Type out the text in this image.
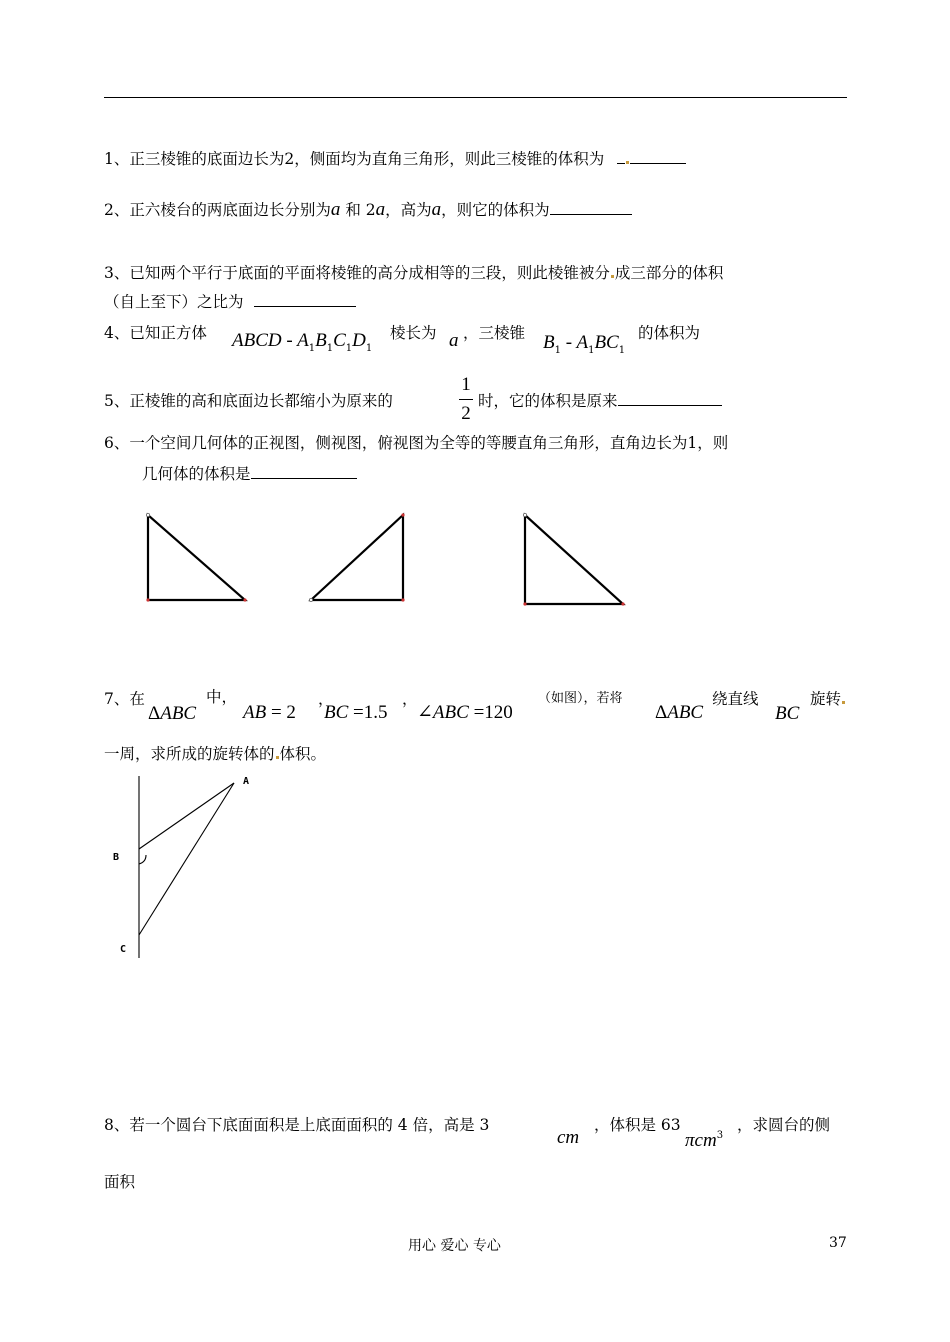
1、正三棱锥的底面边长为2，侧面均为直角三角形，则此三棱锥的体积为
2、正六棱台的两底面边长分别为a 和 2a，高为a，则它的体积为
3、已知两个平行于底面的平面将棱锥的高分成相等的三段，则此棱锥被分 成三部分的体积
（自上至下）之比为
4、已知正方体 ABCD - $A_1B_1C_1D_1$
棱长为 a ，三棱锥 $B_1 - A_1BC_1$
的体积为
5、正棱锥的高和底面边长都缩小为原来的
1
2
时，它的体积是原来
6、一个空间几何体的正视图，侧视图，俯视图为全等的等腰直角三角形，直角边长为1，则
几何体的体积是
7、在
ΔABC
中，
AB = 2
，
BC =1.5
，
∠ABC =120
（如图），若将
ΔABC
绕直线
BC
旋转
一周，求所成的旋转体的 体积。
A
B
C
8、若一个圆台下底面面积是上底面面积的 4 倍，高是 3
cm
，体积是 63
πcm$^3$
，求圆台的侧
面积
用心 爱心 专心	37
